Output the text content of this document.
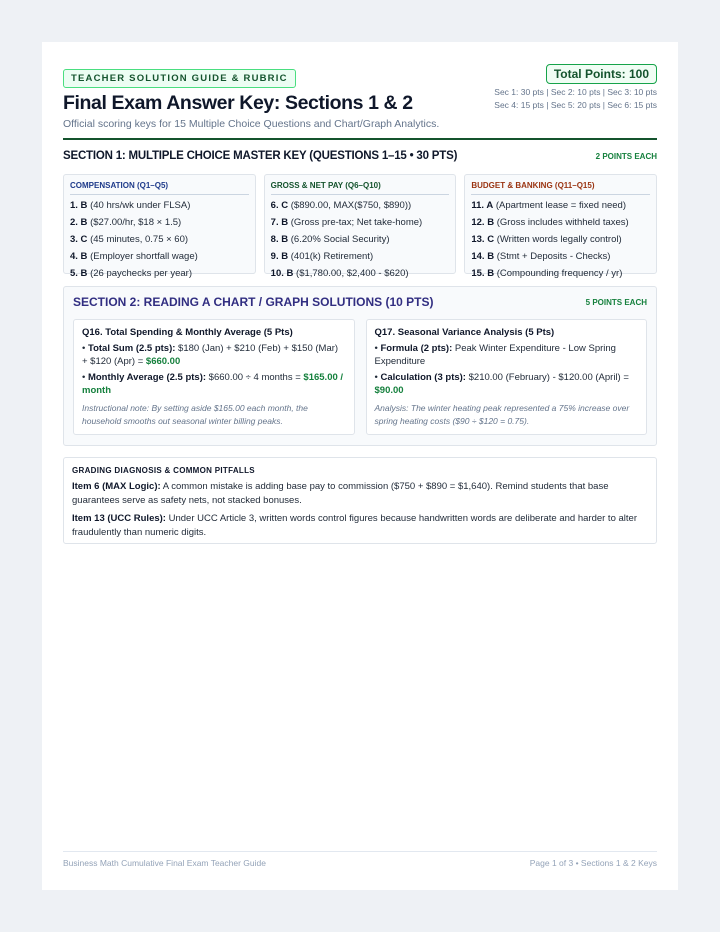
TEACHER SOLUTION GUIDE & RUBRIC
Final Exam Answer Key: Sections 1 & 2
Official scoring keys for 15 Multiple Choice Questions and Chart/Graph Analytics.
Total Points: 100
Sec 1: 30 pts | Sec 2: 10 pts | Sec 3: 10 pts
Sec 4: 15 pts | Sec 5: 20 pts | Sec 6: 15 pts
SECTION 1: MULTIPLE CHOICE MASTER KEY (QUESTIONS 1–15 • 30 PTS)	2 POINTS EACH
COMPENSATION (Q1–Q5)
1. B (40 hrs/wk under FLSA)
2. B ($27.00/hr, $18 × 1.5)
3. C (45 minutes, 0.75 × 60)
4. B (Employer shortfall wage)
5. B (26 paychecks per year)
GROSS & NET PAY (Q6–Q10)
6. C ($890.00, MAX($750, $890))
7. B (Gross pre-tax; Net take-home)
8. B (6.20% Social Security)
9. B (401(k) Retirement)
10. B ($1,780.00, $2,400 - $620)
BUDGET & BANKING (Q11–Q15)
11. A (Apartment lease = fixed need)
12. B (Gross includes withheld taxes)
13. C (Written words legally control)
14. B (Stmt + Deposits - Checks)
15. B (Compounding frequency / yr)
SECTION 2: READING A CHART / GRAPH SOLUTIONS (10 PTS)	5 POINTS EACH
Q16. Total Spending & Monthly Average (5 Pts)
• Total Sum (2.5 pts): $180 (Jan) + $210 (Feb) + $150 (Mar) + $120 (Apr) = $660.00
• Monthly Average (2.5 pts): $660.00 ÷ 4 months = $165.00 / month
Instructional note: By setting aside $165.00 each month, the household smooths out seasonal winter billing peaks.
Q17. Seasonal Variance Analysis (5 Pts)
• Formula (2 pts): Peak Winter Expenditure - Low Spring Expenditure
• Calculation (3 pts): $210.00 (February) - $120.00 (April) = $90.00
Analysis: The winter heating peak represented a 75% increase over spring heating costs ($90 ÷ $120 = 0.75).
GRADING DIAGNOSIS & COMMON PITFALLS
Item 6 (MAX Logic): A common mistake is adding base pay to commission ($750 + $890 = $1,640). Remind students that base guarantees serve as safety nets, not stacked bonuses.
Item 13 (UCC Rules): Under UCC Article 3, written words control figures because handwritten words are deliberate and harder to alter fraudulently than numeric digits.
Business Math Cumulative Final Exam Teacher Guide	Page 1 of 3 • Sections 1 & 2 Keys
